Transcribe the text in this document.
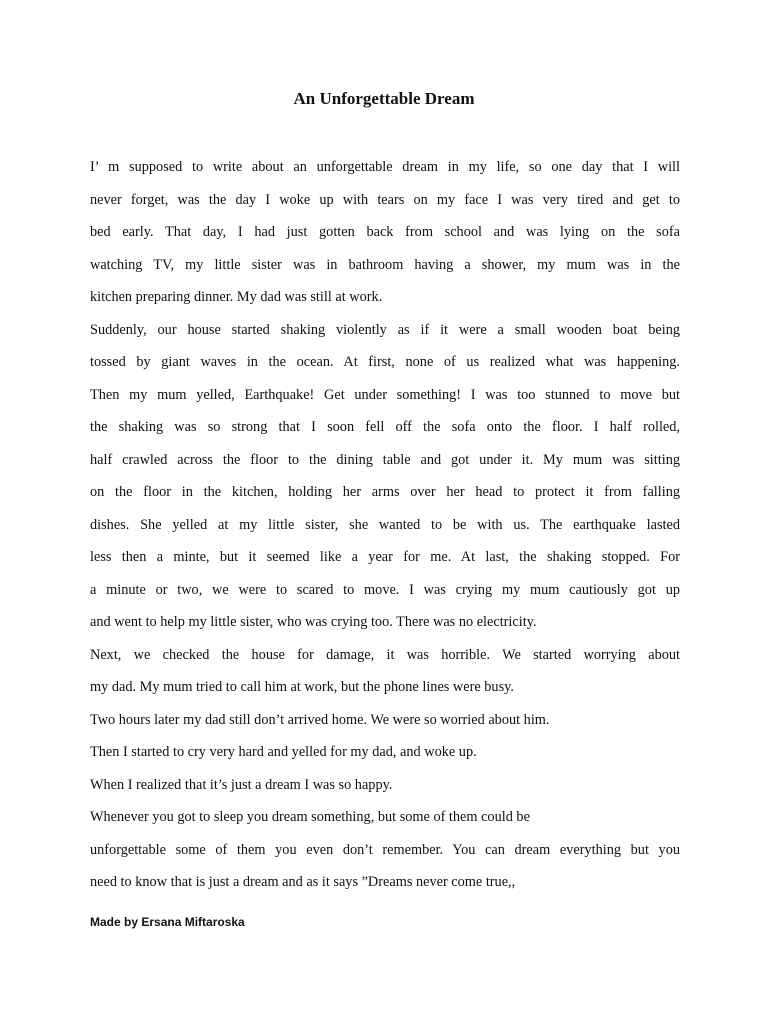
An Unforgettable Dream
I’ m supposed to write about an unforgettable dream in my life, so one day that I will
never forget, was the day I woke up with tears on my face I was very tired and get to
bed early. That day, I had just gotten back from school and was lying on the sofa
watching TV, my little sister was in bathroom having a shower, my mum was in the
kitchen preparing dinner. My dad was still at work.
Suddenly, our house started shaking violently as if it were a small wooden boat being
tossed by giant waves in the ocean. At first, none of us realized what was happening.
Then my mum yelled, Earthquake! Get under something! I was too stunned to move but
the shaking was so strong that I soon fell off the sofa onto the floor. I half rolled,
half crawled across the floor to the dining table and got under it. My mum was sitting
on the floor in the kitchen, holding her arms over her head to protect it from falling
dishes. She yelled at my little sister, she wanted to be with us. The earthquake lasted
less then a minte, but it seemed like a year for me. At last, the shaking stopped. For
a minute or two, we were to scared to move. I was crying my mum cautiously got up
and went to help my little sister, who was crying too. There was no electricity.
Next, we checked the house for damage, it was horrible. We started worrying about
my dad. My mum tried to call him at work, but the phone lines were busy.
Two hours later my dad still don’t arrived home. We were so worried about him.
Then I started to cry very hard and yelled for my dad, and woke up.
When I realized that it’s just a dream I was so happy.
Whenever you got to sleep you dream something, but some of them could be
unforgettable some of them you even don’t remember. You can dream everything but you
need to know that is just a dream and as it says ”Dreams never come true,,
Made by Ersana Miftaroska
